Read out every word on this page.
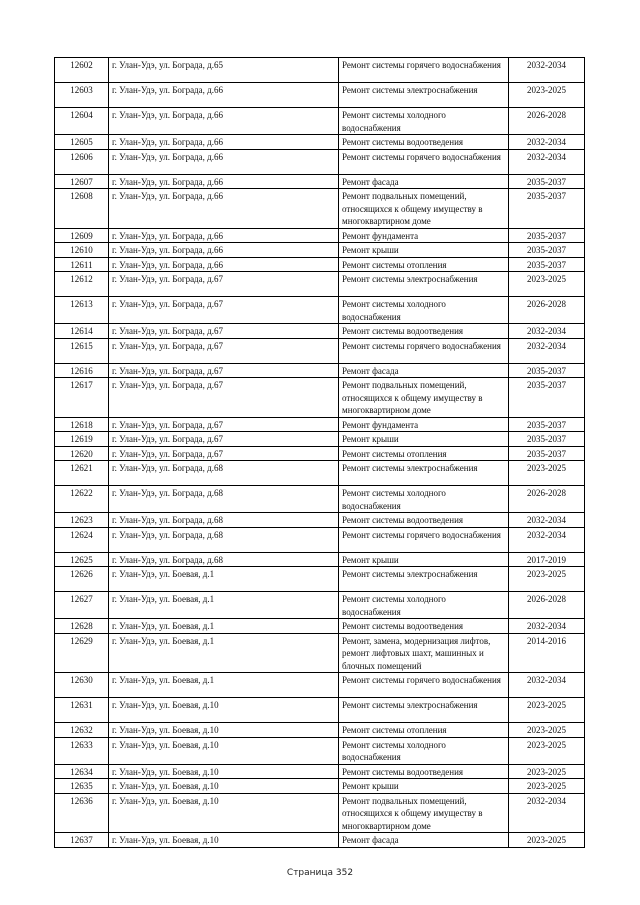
12602	г. Улан-Удэ, ул. Бограда, д.65	Ремонт системы горячего водоснабжения	2032-2034
12603	г. Улан-Удэ, ул. Бограда, д.66	Ремонт системы электроснабжения	2023-2025
12604	г. Улан-Удэ, ул. Бограда, д.66	Ремонт системы холодного водоснабжения	2026-2028
12605	г. Улан-Удэ, ул. Бограда, д.66	Ремонт системы водоотведения	2032-2034
12606	г. Улан-Удэ, ул. Бограда, д.66	Ремонт системы горячего водоснабжения	2032-2034
12607	г. Улан-Удэ, ул. Бограда, д.66	Ремонт фасада	2035-2037
12608	г. Улан-Удэ, ул. Бограда, д.66	Ремонт подвальных помещений, относящихся к общему имуществу в многоквартирном доме	2035-2037
12609	г. Улан-Удэ, ул. Бограда, д.66	Ремонт фундамента	2035-2037
12610	г. Улан-Удэ, ул. Бограда, д.66	Ремонт крыши	2035-2037
12611	г. Улан-Удэ, ул. Бограда, д.66	Ремонт системы отопления	2035-2037
12612	г. Улан-Удэ, ул. Бограда, д.67	Ремонт системы электроснабжения	2023-2025
12613	г. Улан-Удэ, ул. Бограда, д.67	Ремонт системы холодного водоснабжения	2026-2028
12614	г. Улан-Удэ, ул. Бограда, д.67	Ремонт системы водоотведения	2032-2034
12615	г. Улан-Удэ, ул. Бограда, д.67	Ремонт системы горячего водоснабжения	2032-2034
12616	г. Улан-Удэ, ул. Бограда, д.67	Ремонт фасада	2035-2037
12617	г. Улан-Удэ, ул. Бограда, д.67	Ремонт подвальных помещений, относящихся к общему имуществу в многоквартирном доме	2035-2037
12618	г. Улан-Удэ, ул. Бограда, д.67	Ремонт фундамента	2035-2037
12619	г. Улан-Удэ, ул. Бограда, д.67	Ремонт крыши	2035-2037
12620	г. Улан-Удэ, ул. Бограда, д.67	Ремонт системы отопления	2035-2037
12621	г. Улан-Удэ, ул. Бограда, д.68	Ремонт системы электроснабжения	2023-2025
12622	г. Улан-Удэ, ул. Бограда, д.68	Ремонт системы холодного водоснабжения	2026-2028
12623	г. Улан-Удэ, ул. Бограда, д.68	Ремонт системы водоотведения	2032-2034
12624	г. Улан-Удэ, ул. Бограда, д.68	Ремонт системы горячего водоснабжения	2032-2034
12625	г. Улан-Удэ, ул. Бограда, д.68	Ремонт крыши	2017-2019
12626	г. Улан-Удэ, ул. Боевая, д.1	Ремонт системы электроснабжения	2023-2025
12627	г. Улан-Удэ, ул. Боевая, д.1	Ремонт системы холодного водоснабжения	2026-2028
12628	г. Улан-Удэ, ул. Боевая, д.1	Ремонт системы водоотведения	2032-2034
12629	г. Улан-Удэ, ул. Боевая, д.1	Ремонт, замена, модернизация лифтов, ремонт лифтовых шахт, машинных и блочных помещений	2014-2016
12630	г. Улан-Удэ, ул. Боевая, д.1	Ремонт системы горячего водоснабжения	2032-2034
12631	г. Улан-Удэ, ул. Боевая, д.10	Ремонт системы электроснабжения	2023-2025
12632	г. Улан-Удэ, ул. Боевая, д.10	Ремонт системы отопления	2023-2025
12633	г. Улан-Удэ, ул. Боевая, д.10	Ремонт системы холодного водоснабжения	2023-2025
12634	г. Улан-Удэ, ул. Боевая, д.10	Ремонт системы водоотведения	2023-2025
12635	г. Улан-Удэ, ул. Боевая, д.10	Ремонт крыши	2023-2025
12636	г. Улан-Удэ, ул. Боевая, д.10	Ремонт подвальных помещений, относящихся к общему имуществу в многоквартирном доме	2032-2034
12637	г. Улан-Удэ, ул. Боевая, д.10	Ремонт фасада	2023-2025
Страница 352
